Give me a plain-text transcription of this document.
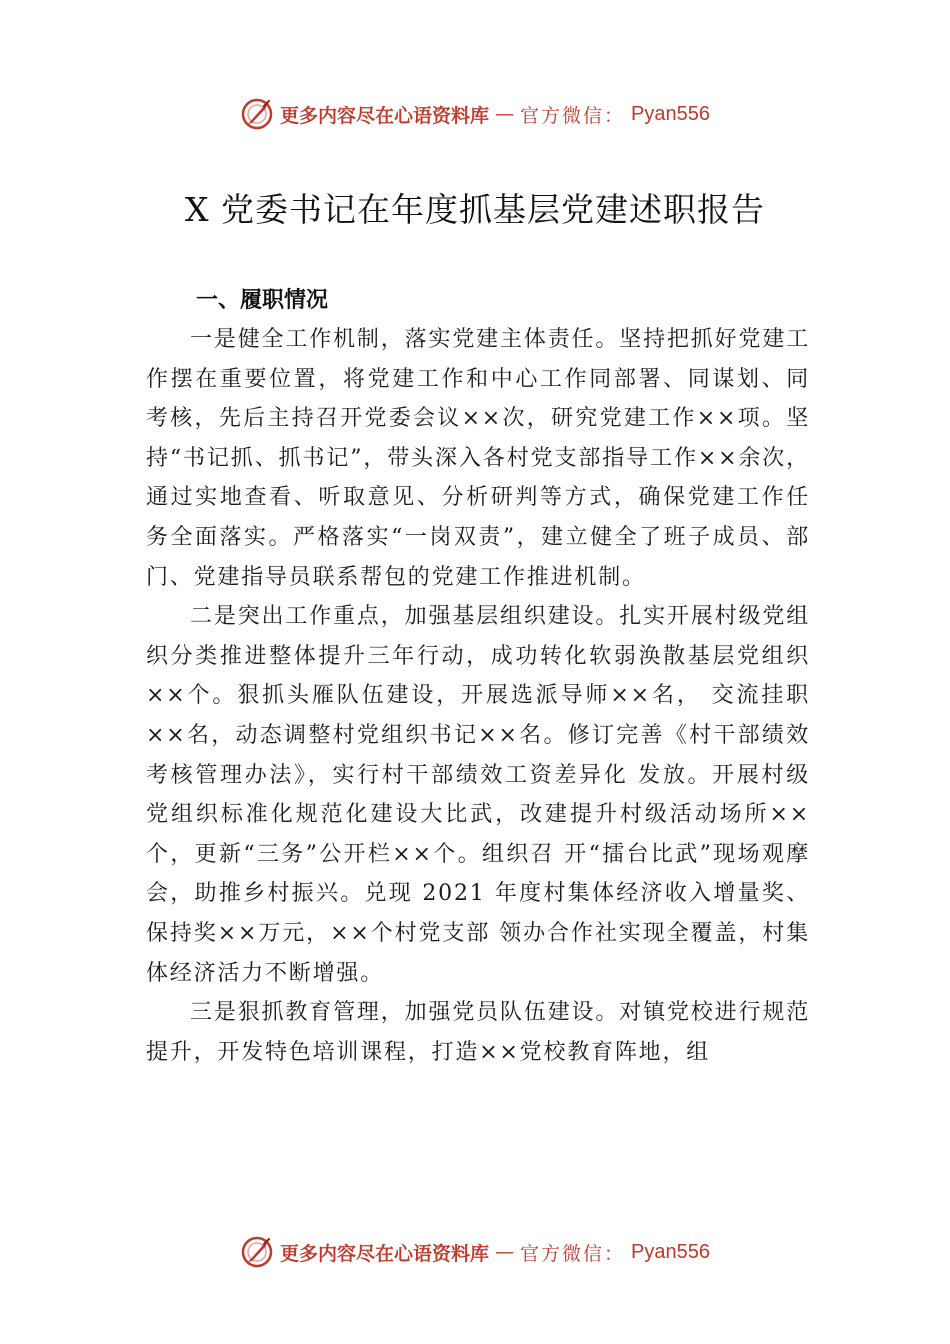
更多内容尽在心语资料库 — 官方微信： Pyan556
X 党委书记在年度抓基层党建述职报告
一、履职情况

一是健全工作机制，落实党建主体责任。坚持把抓好党建工作摆在重要位置，将党建工作和中心工作同部署、同谋划、同考核，先后主持召开党委会议××次，研究党建工作××项。坚持“书记抓、抓书记”，带头深入各村党支部指导工作××余次，通过实地查看、听取意见、分析研判等方式，确保党建工作任务全面落实。严格落实“一岗双责”，建立健全了班子成员、部门、党建指导员联系帮包的党建工作推进机制。

二是突出工作重点，加强基层组织建设。扎实开展村级党组织分类推进整体提升三年行动，成功转化软弱涣散基层党组织××个。狠抓头雁队伍建设，开展选派导师××名， 交流挂职××名，动态调整村党组织书记××名。修订完善《村干部绩效考核管理办法》，实行村干部绩效工资差异化 发放。开展村级党组织标准化规范化建设大比武，改建提升村级活动场所××个，更新“三务”公开栏××个。组织召 开“擂台比武”现场观摩会，助推乡村振兴。兑现 2021 年度村集体经济收入增量奖、保持奖××万元，××个村党支部 领办合作社实现全覆盖，村集体经济活力不断增强。

三是狠抓教育管理，加强党员队伍建设。对镇党校进行规范提升，开发特色培训课程，打造××党校教育阵地，组

更多内容尽在心语资料库 — 官方微信： Pyan556
